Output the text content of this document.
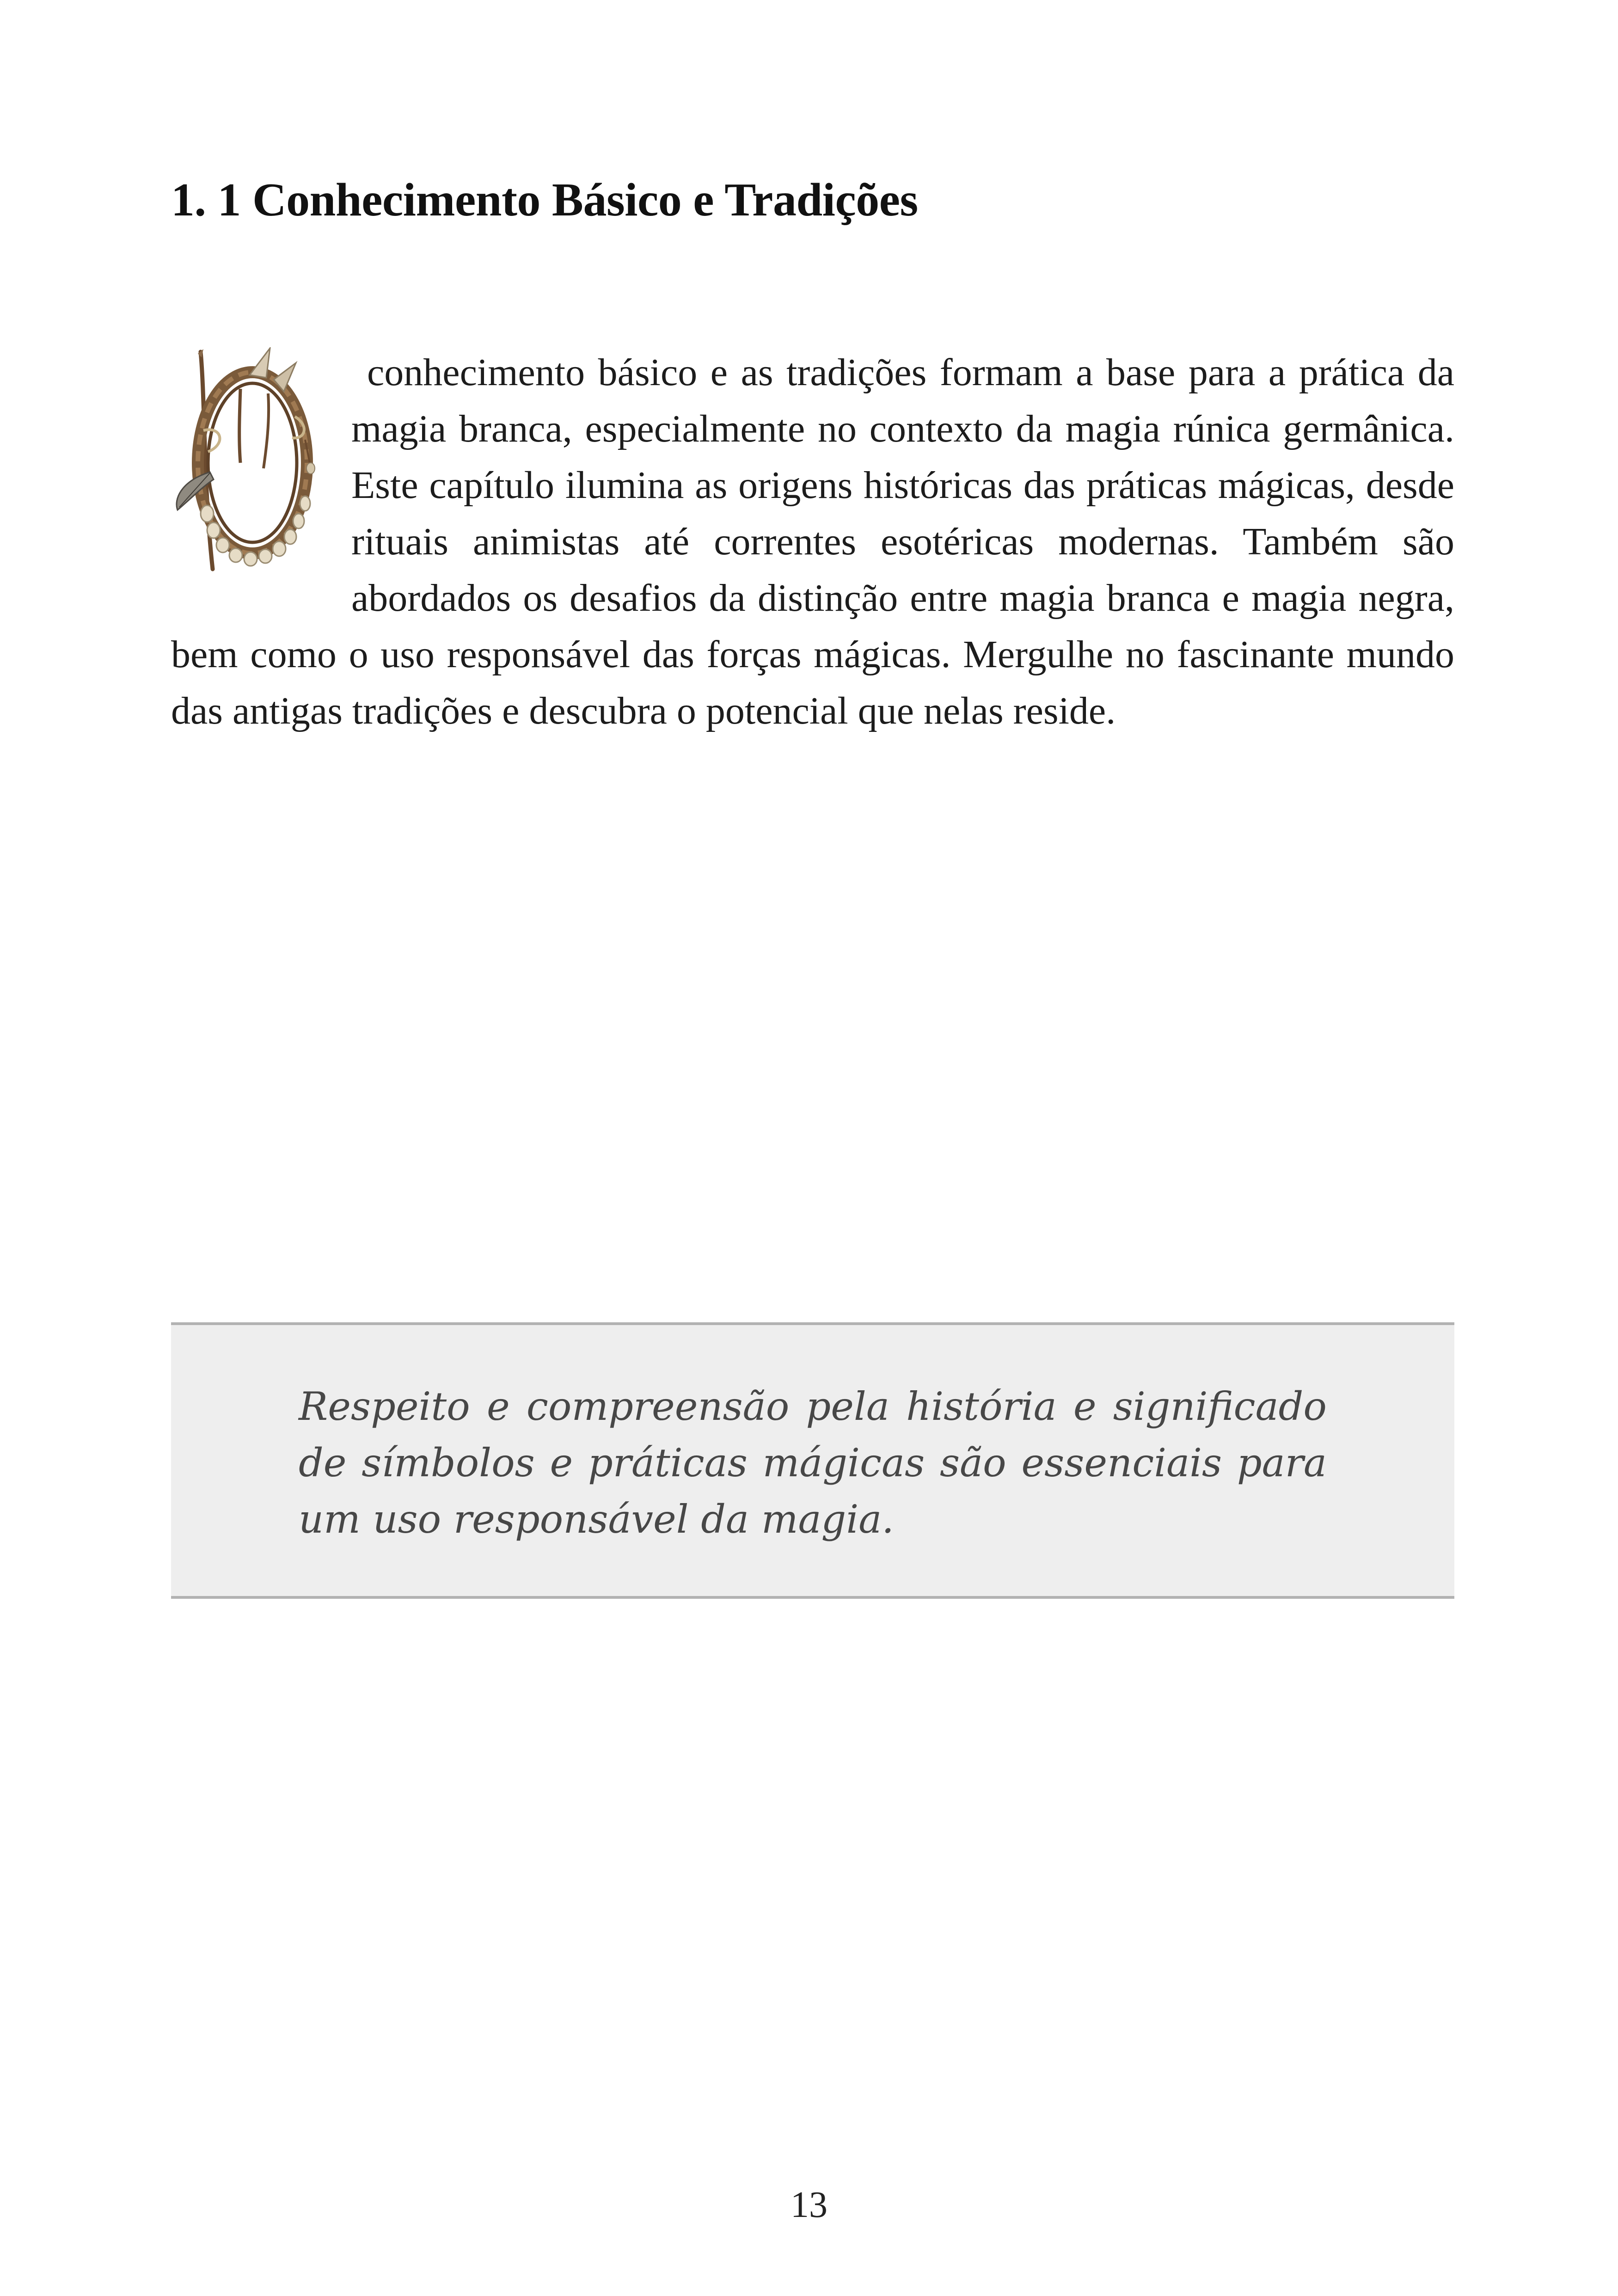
1. 1 Conhecimento Básico e Tradições

conhecimento básico e as tradições formam a base para a prática da magia branca, especialmente no contexto da magia rúnica germânica. Este capítulo ilumina as origens históricas das práticas mágicas, desde rituais animistas até correntes esotéricas modernas. Também são abordados os desafios da distinção entre magia branca e magia negra, bem como o uso responsável das forças mágicas. Mergulhe no fascinante mundo das antigas tradições e descubra o potencial que nelas reside.

Respeito e compreensão pela história e significado de símbolos e práticas mágicas são essenciais para um uso responsável da magia.

13
